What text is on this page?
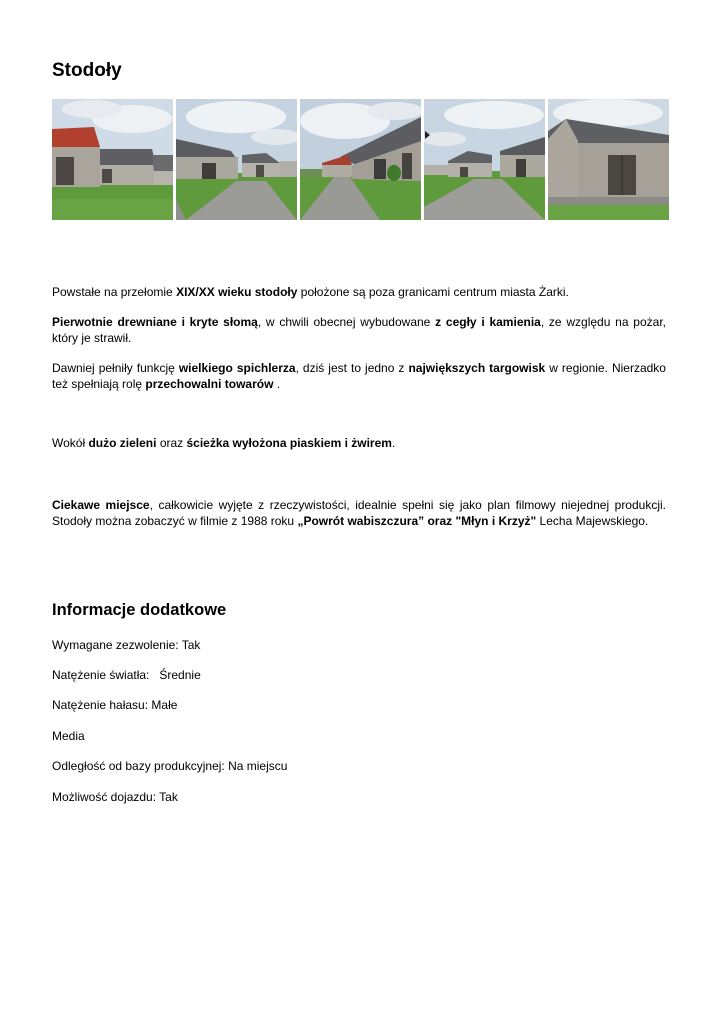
Stodoły

Powstałe na przełomie XIX/XX wieku stodoły położone są poza granicami centrum miasta Żarki.

Pierwotnie drewniane i kryte słomą, w chwili obecnej wybudowane z cegły i kamienia, ze względu na pożar, który je strawił.

Dawniej pełniły funkcję wielkiego spichlerza, dziś jest to jedno z największych targowisk w regionie. Nierzadko też spełniają rolę przechowalni towarów .

Wokół dużo zieleni oraz ścieżka wyłożona piaskiem i żwirem.

Ciekawe miejsce, całkowicie wyjęte z rzeczywistości, idealnie spełni się jako plan filmowy niejednej produkcji. Stodoły można zobaczyć w filmie z 1988 roku „Powrót wabiszczura” oraz "Młyn i Krzyż" Lecha Majewskiego.

Informacje dodatkowe
Wymagane zezwolenie: Tak
Natężenie światła:   Średnie
Natężenie hałasu: Małe
Media
Odległość od bazy produkcyjnej: Na miejscu
Możliwość dojazdu: Tak
